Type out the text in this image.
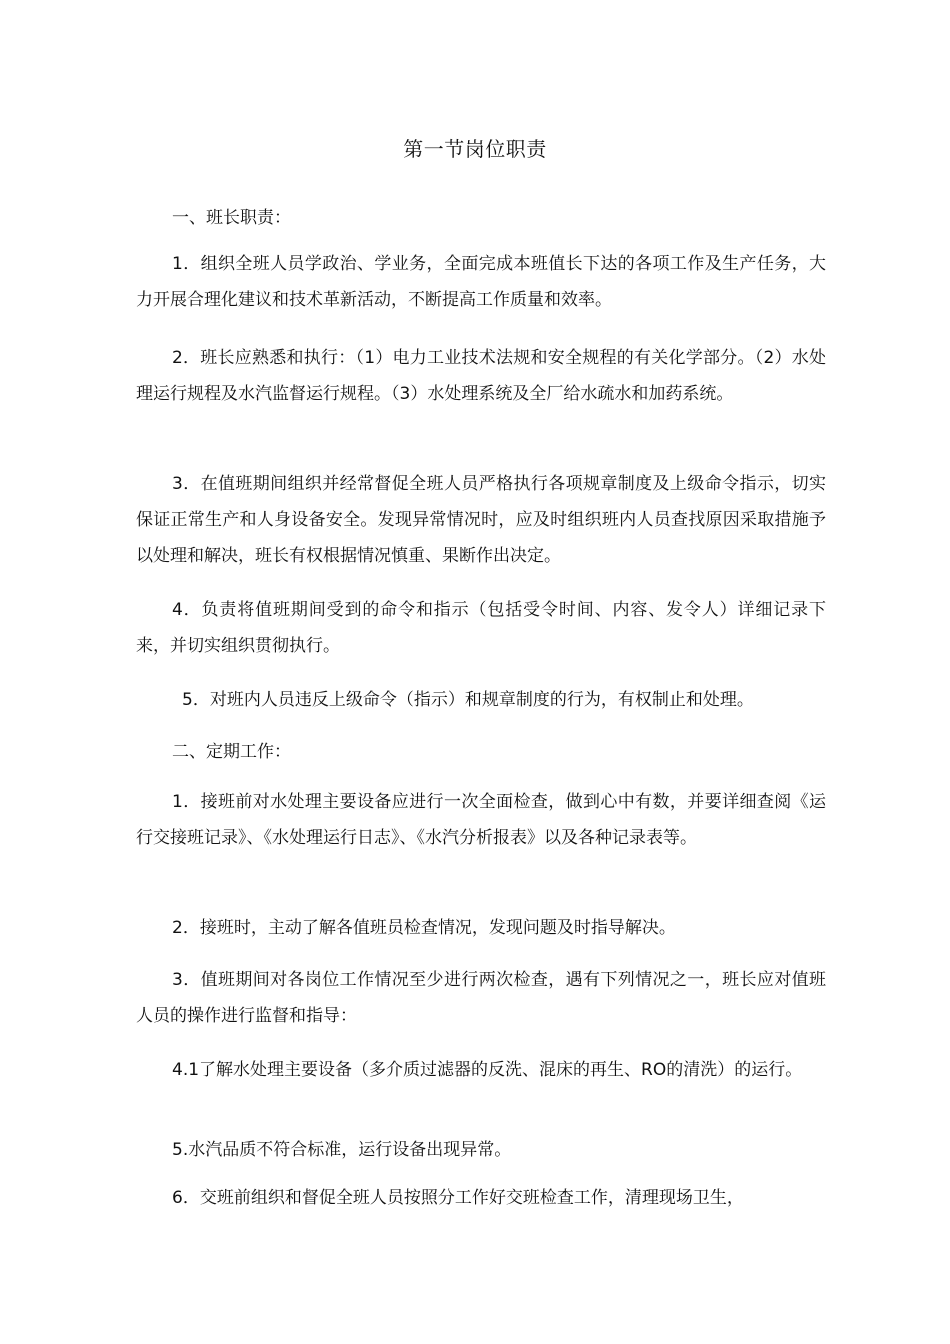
第一节岗位职责

一、班长职责：

1．组织全班人员学政治、学业务，全面完成本班值长下达的各项工作及生产任务，大力开展合理化建议和技术革新活动，不断提高工作质量和效率。

2．班长应熟悉和执行：（1）电力工业技术法规和安全规程的有关化学部分。（2）水处理运行规程及水汽监督运行规程。（3）水处理系统及全厂给水疏水和加药系统。

3．在值班期间组织并经常督促全班人员严格执行各项规章制度及上级命令指示，切实保证正常生产和人身设备安全。发现异常情况时，应及时组织班内人员查找原因采取措施予以处理和解决，班长有权根据情况慎重、果断作出决定。

4．负责将值班期间受到的命令和指示（包括受令时间、内容、发令人）详细记录下来，并切实组织贯彻执行。

5．对班内人员违反上级命令（指示）和规章制度的行为，有权制止和处理。

二、定期工作：

1．接班前对水处理主要设备应进行一次全面检查，做到心中有数，并要详细查阅《运行交接班记录》、《水处理运行日志》、《水汽分析报表》以及各种记录表等。

2．接班时，主动了解各值班员检查情况，发现问题及时指导解决。

3．值班期间对各岗位工作情况至少进行两次检查，遇有下列情况之一，班长应对值班人员的操作进行监督和指导：

4.1了解水处理主要设备（多介质过滤器的反洗、混床的再生、RO的清洗）的运行。

5.水汽品质不符合标准，运行设备出现异常。

6．交班前组织和督促全班人员按照分工作好交班检查工作，清理现场卫生，
